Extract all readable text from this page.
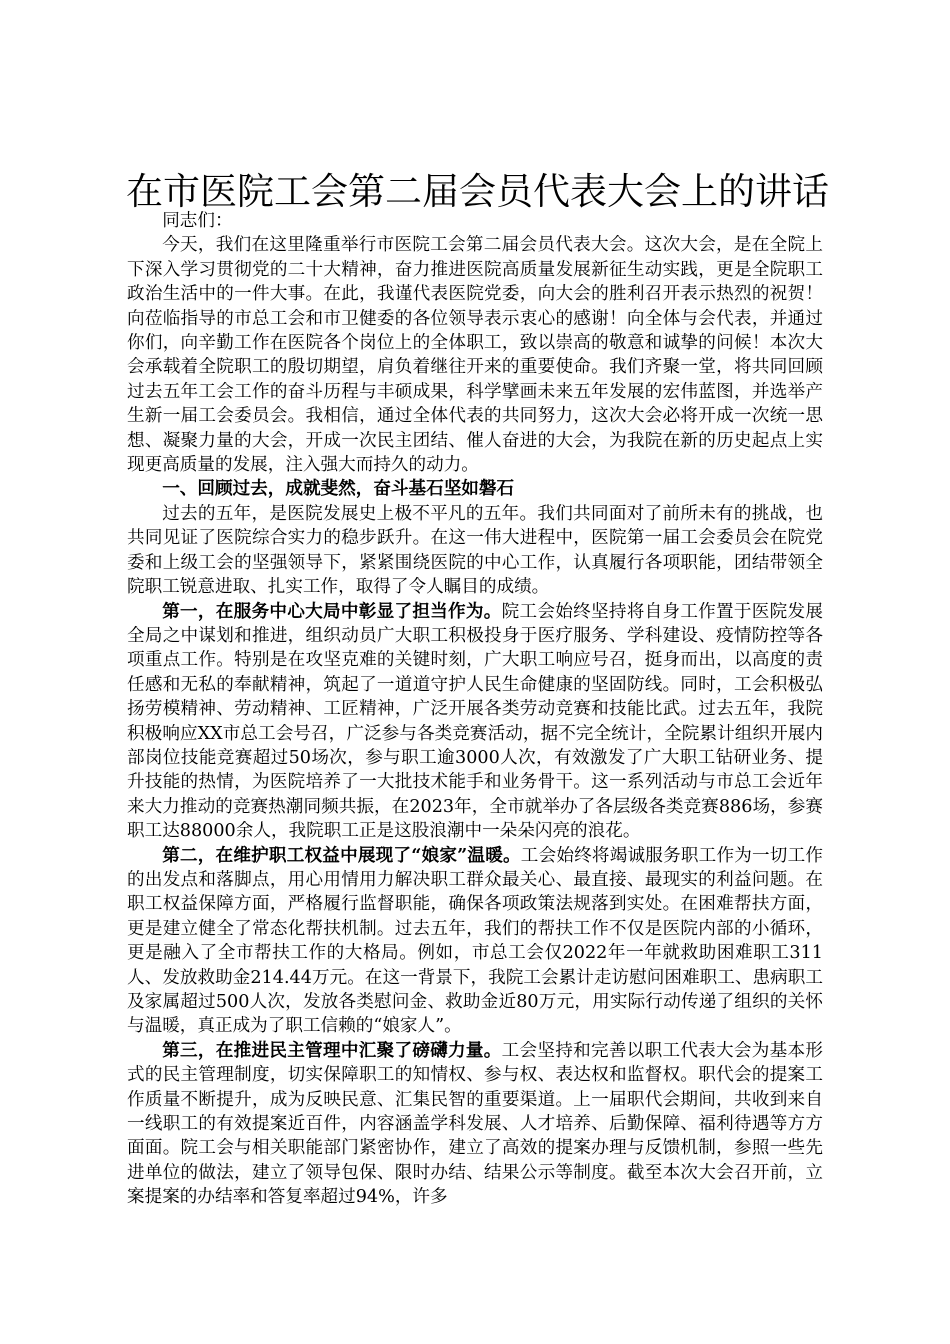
在市医院工会第二届会员代表大会上的讲话

同志们：

今天，我们在这里隆重举行市医院工会第二届会员代表大会。这次大会，是在全院上下深入学习贯彻党的二十大精神，奋力推进医院高质量发展新征生动实践，更是全院职工政治生活中的一件大事。在此，我谨代表医院党委，向大会的胜利召开表示热烈的祝贺！向莅临指导的市总工会和市卫健委的各位领导表示衷心的感谢！向全体与会代表，并通过你们，向辛勤工作在医院各个岗位上的全体职工，致以崇高的敬意和诚挚的问候！本次大会承载着全院职工的殷切期望，肩负着继往开来的重要使命。我们齐聚一堂，将共同回顾过去五年工会工作的奋斗历程与丰硕成果，科学擘画未来五年发展的宏伟蓝图，并选举产生新一届工会委员会。我相信，通过全体代表的共同努力，这次大会必将开成一次统一思想、凝聚力量的大会，开成一次民主团结、催人奋进的大会，为我院在新的历史起点上实现更高质量的发展，注入强大而持久的动力。

一、回顾过去，成就斐然，奋斗基石坚如磐石

过去的五年，是医院发展史上极不平凡的五年。我们共同面对了前所未有的挑战，也共同见证了医院综合实力的稳步跃升。在这一伟大进程中，医院第一届工会委员会在院党委和上级工会的坚强领导下，紧紧围绕医院的中心工作，认真履行各项职能，团结带领全院职工锐意进取、扎实工作，取得了令人瞩目的成绩。

第一，在服务中心大局中彰显了担当作为。院工会始终坚持将自身工作置于医院发展全局之中谋划和推进，组织动员广大职工积极投身于医疗服务、学科建设、疫情防控等各项重点工作。特别是在攻坚克难的关键时刻，广大职工响应号召，挺身而出，以高度的责任感和无私的奉献精神，筑起了一道道守护人民生命健康的坚固防线。同时，工会积极弘扬劳模精神、劳动精神、工匠精神，广泛开展各类劳动竞赛和技能比武。过去五年，我院积极响应XX市总工会号召，广泛参与各类竞赛活动，据不完全统计，全院累计组织开展内部岗位技能竞赛超过50场次，参与职工逾3000人次，有效激发了广大职工钻研业务、提升技能的热情，为医院培养了一大批技术能手和业务骨干。这一系列活动与市总工会近年来大力推动的竞赛热潮同频共振，在2023年，全市就举办了各层级各类竞赛886场，参赛职工达88000余人，我院职工正是这股浪潮中一朵朵闪亮的浪花。

第二，在维护职工权益中展现了“娘家”温暖。工会始终将竭诚服务职工作为一切工作的出发点和落脚点，用心用情用力解决职工群众最关心、最直接、最现实的利益问题。在职工权益保障方面，严格履行监督职能，确保各项政策法规落到实处。在困难帮扶方面，更是建立健全了常态化帮扶机制。过去五年，我们的帮扶工作不仅是医院内部的小循环，更是融入了全市帮扶工作的大格局。例如，市总工会仅2022年一年就救助困难职工311人、发放救助金214.44万元。在这一背景下，我院工会累计走访慰问困难职工、患病职工及家属超过500人次，发放各类慰问金、救助金近80万元，用实际行动传递了组织的关怀与温暖，真正成为了职工信赖的“娘家人”。

第三，在推进民主管理中汇聚了磅礴力量。工会坚持和完善以职工代表大会为基本形式的民主管理制度，切实保障职工的知情权、参与权、表达权和监督权。职代会的提案工作质量不断提升，成为反映民意、汇集民智的重要渠道。上一届职代会期间，共收到来自一线职工的有效提案近百件，内容涵盖学科发展、人才培养、后勤保障、福利待遇等方方面面。院工会与相关职能部门紧密协作，建立了高效的提案办理与反馈机制，参照一些先进单位的做法，建立了领导包保、限时办结、结果公示等制度。截至本次大会召开前，立案提案的办结率和答复率超过94%，许多
